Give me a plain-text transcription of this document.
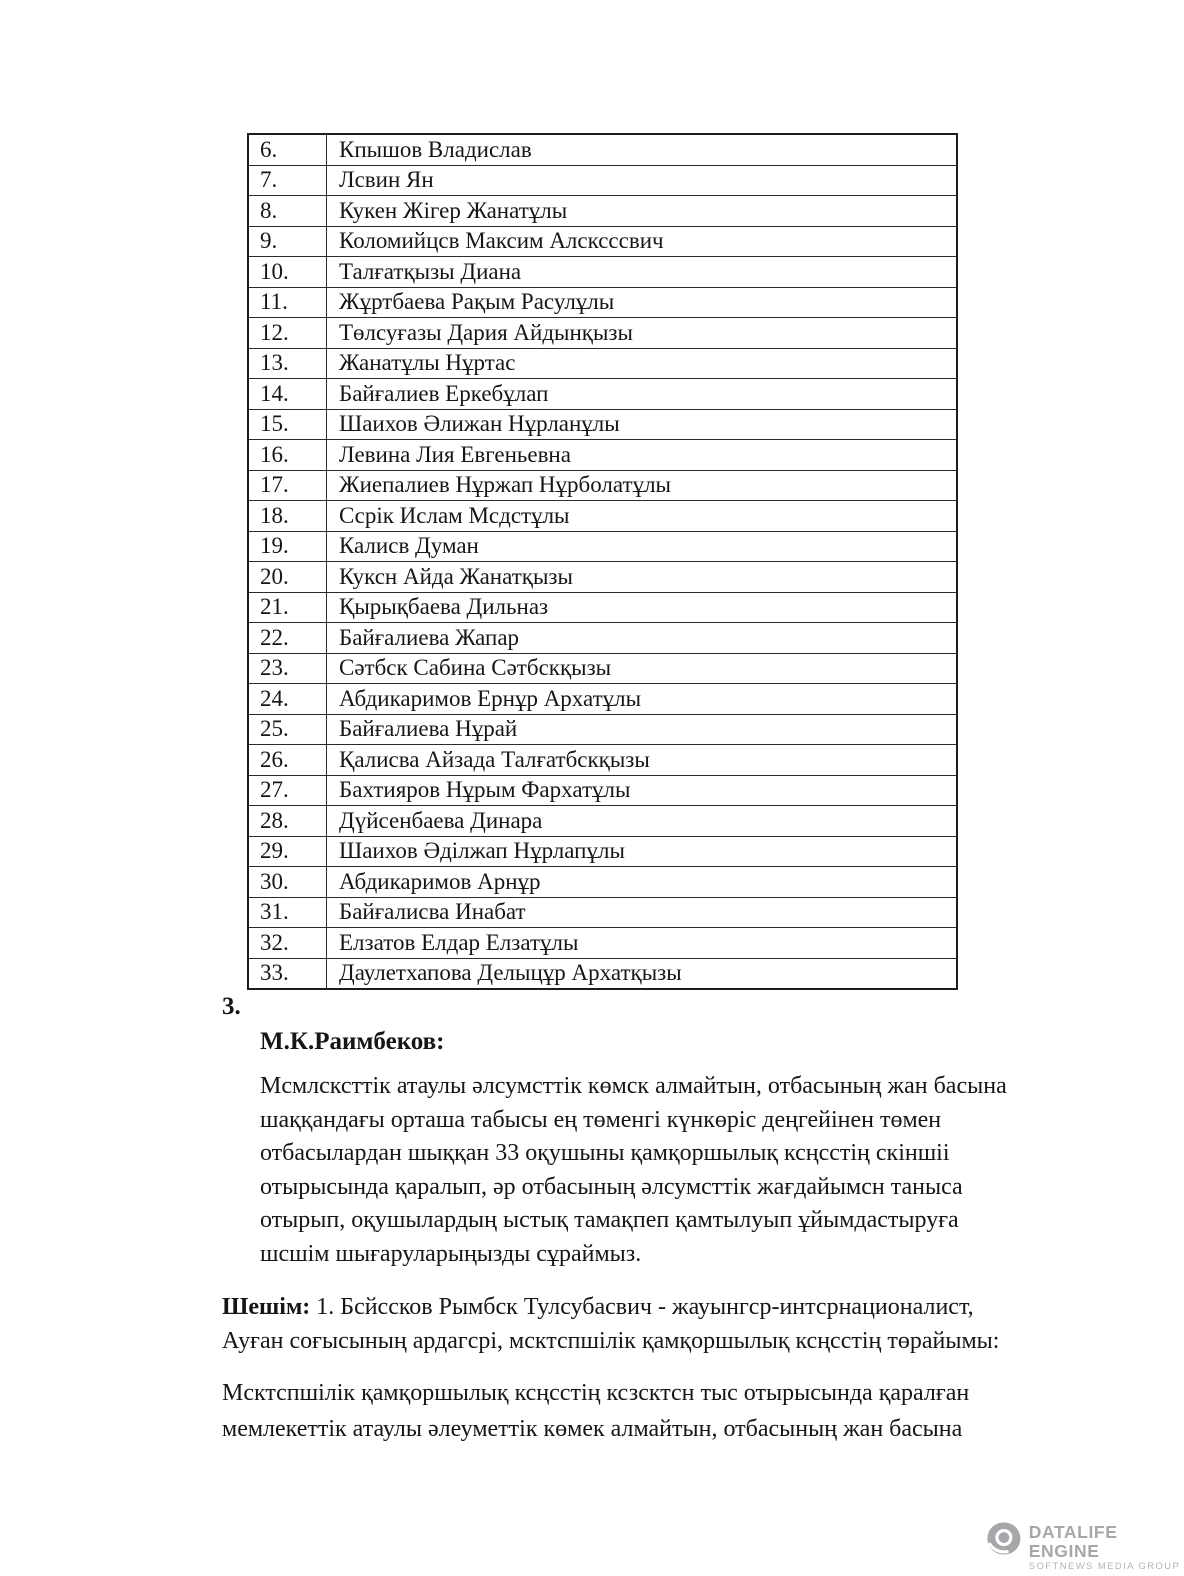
6.	Кпышов Владислав
7.	Лсвин Ян
8.	Кукен Жігер Жанатұлы
9.	Коломийцсв Максим Алсксссвич
10.	Талғатқызы Диана
11.	Жұртбаева Рақым Расулұлы
12.	Төлсуғазы Дария Айдынқызы
13.	Жанатұлы Нұртас
14.	Байғалиев Еркебұлап
15.	Шаихов Әлижан Нұрланұлы
16.	Левина Лия Евгеньевна
17.	Жиепалиев Нұржап Нұрболатұлы
18.	Ссрік Ислам Мсдстұлы
19.	Калисв Думан
20.	Куксн Айда Жанатқызы
21.	Қырықбаева Дильназ
22.	Байғалиева Жапар
23.	Сәтбск Сабина Сәтбскқызы
24.	Абдикаримов Ернұр Архатұлы
25.	Байғалиева Нұрай
26.	Қалисва Айзада Талғатбскқызы
27.	Бахтияров Нұрым Фархатұлы
28.	Дүйсенбаева Динара
29.	Шаихов Әділжап Нұрлапұлы
30.	Абдикаримов Арнұр
31.	Байғалисва Инабат
32.	Елзатов Елдар Елзатұлы
33.	Даулетхапова Делыцұр Архатқызы
3.
М.К.Раимбеков:
Мсмлсксттік атаулы әлсумсттік көмск алмайтын, отбасының жан басына
шаққандағы орташа табысы ең төменгі күнкөріс деңгейінен төмен
отбасылардан шыққан 33 оқушыны қамқоршылық ксңсстің скіншіі
отырысында қаралып, әр отбасының әлсумсттік жағдайымсн таныса
отырып, оқушылардың ыстық тамақпеп қамтылуып ұйымдастыруға
шсшім шығаруларыңызды сұраймыз.
Шешім: 1. Бсйссков Рымбск Тулсубасвич - жауынгср-интсрнационалист,
Ауған соғысының ардагсрі, мсктспшілік қамқоршылық ксңсстің төрайымы:
Мсктспшілік қамқоршылық ксңсстің ксзсктсн тыс отырысында қаралған
мемлекеттік атаулы әлеуметтік көмек алмайтын, отбасының жан басына
DATALIFE ENGINE
SOFTNEWS MEDIA GROUP
